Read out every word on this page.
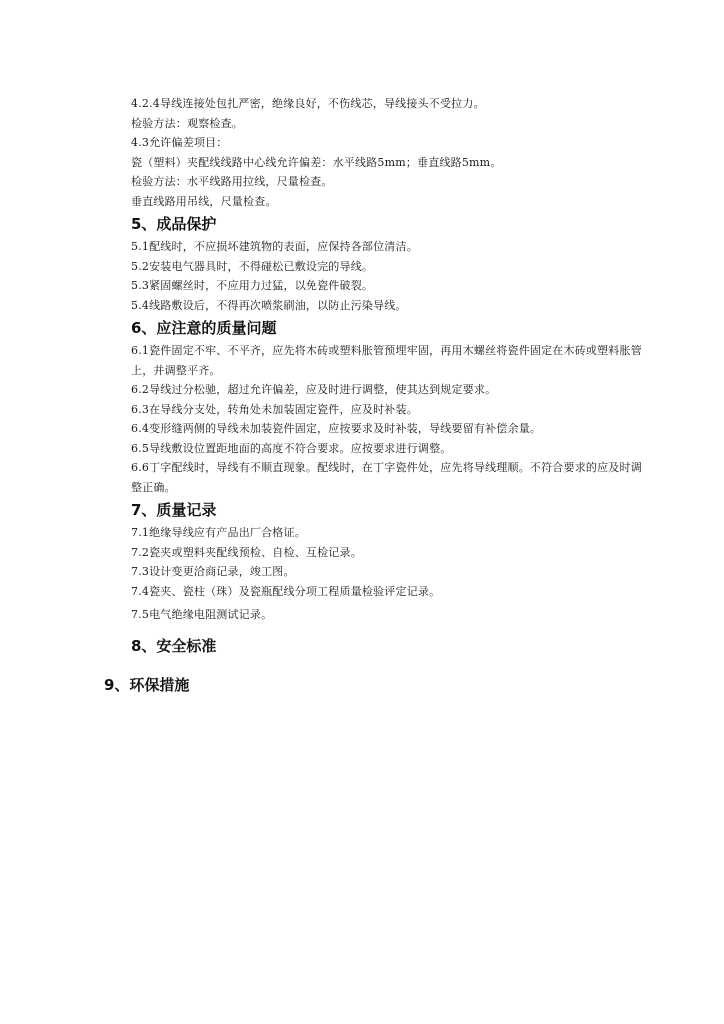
4.2.4导线连接处包扎严密，绝缘良好，不伤线芯，导线接头不受拉力。
检验方法：观察检查。
4.3允许偏差项目：
瓷（塑料）夹配线线路中心线允许偏差：水平线路5mm；垂直线路5mm。
检验方法：水平线路用拉线，尺量检查。
垂直线路用吊线，尺量检查。
5、成品保护
5.1配线时，不应损坏建筑物的表面，应保持各部位清洁。
5.2安装电气器具时，不得碰松已敷设完的导线。
5.3紧固螺丝时，不应用力过猛，以免瓷件破裂。
5.4线路敷设后，不得再次喷浆刷油，以防止污染导线。
6、应注意的质量问题
6.1瓷件固定不牢、不平齐，应先将木砖或塑料胀管预埋牢固，再用木螺丝将瓷件固定在木砖或塑料胀管上，并调整平齐。
6.2导线过分松驰，超过允许偏差，应及时进行调整，使其达到规定要求。
6.3在导线分支处，转角处未加装固定瓷件，应及时补装。
6.4变形缝两侧的导线未加装瓷件固定，应按要求及时补装，导线要留有补偿余量。
6.5导线敷设位置距地面的高度不符合要求。应按要求进行调整。
6.6丁字配线时，导线有不顺直现象。配线时，在丁字瓷件处，应先将导线理顺。不符合要求的应及时调整正确。
7、质量记录
7.1绝缘导线应有产品出厂合格证。
7.2瓷夹或塑料夹配线预检、自检、互检记录。
7.3设计变更洽商记录，竣工图。
7.4瓷夹、瓷柱（珠）及瓷瓶配线分项工程质量检验评定记录。
7.5电气绝缘电阻测试记录。
8、安全标准
9、环保措施
